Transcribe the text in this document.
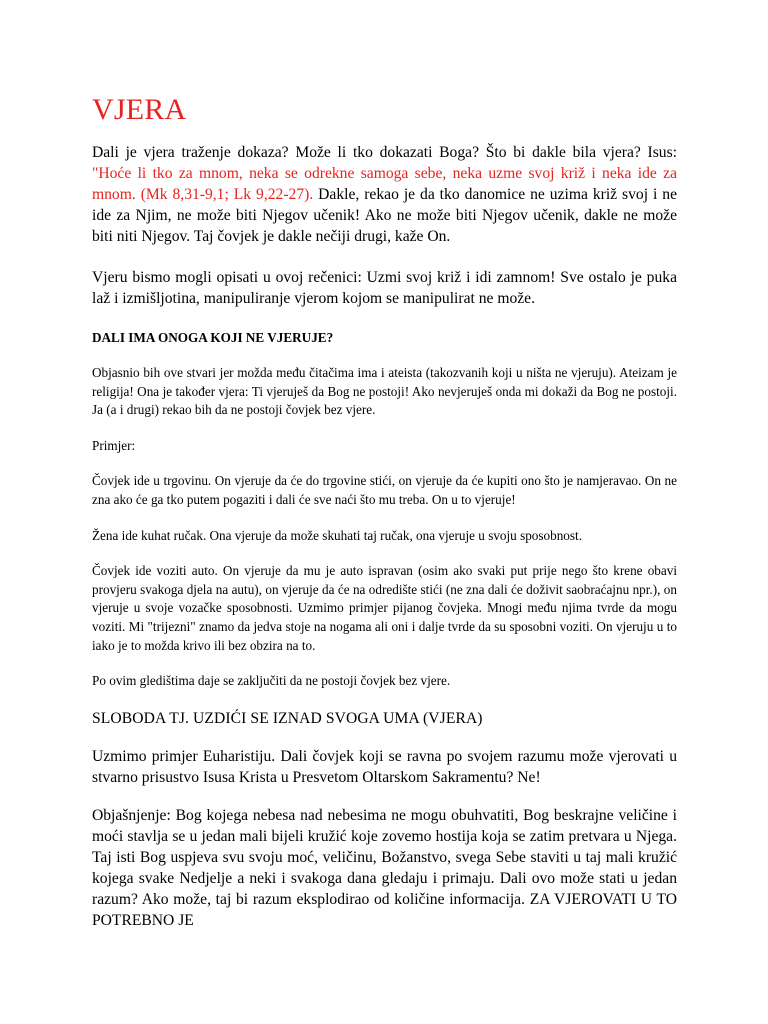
VJERA

Dali je vjera traženje dokaza? Može li tko dokazati Boga? Što bi dakle bila vjera? Isus: "Hoće li tko za mnom, neka se odrekne samoga sebe, neka uzme svoj križ i neka ide za mnom. (Mk 8,31-9,1; Lk 9,22-27). Dakle, rekao je da tko danomice ne uzima križ svoj i ne ide za Njim, ne može biti Njegov učenik! Ako ne može biti Njegov učenik, dakle ne može biti niti Njegov. Taj čovjek je dakle nečiji drugi, kaže On.

Vjeru bismo mogli opisati u ovoj rečenici: Uzmi svoj križ i idi zamnom! Sve ostalo je puka laž i izmišljotina, manipuliranje vjerom kojom se manipulirat ne može.

DALI IMA ONOGA KOJI NE VJERUJE?

Objasnio bih ove stvari jer možda među čitačima ima i ateista (takozvanih koji u ništa ne vjeruju). Ateizam je religija! Ona je također vjera: Ti vjeruješ da Bog ne postoji! Ako nevjeruješ onda mi dokaži da Bog ne postoji. Ja (a i drugi) rekao bih da ne postoji čovjek bez vjere.

Primjer:

Čovjek ide u trgovinu. On vjeruje da će do trgovine stići, on vjeruje da će kupiti ono što je namjeravao. On ne zna ako će ga tko putem pogaziti i dali će sve naći što mu treba. On u to vjeruje!

Žena ide kuhat ručak. Ona vjeruje da može skuhati taj ručak, ona vjeruje u svoju sposobnost.

Čovjek ide voziti auto. On vjeruje da mu je auto ispravan (osim ako svaki put prije nego što krene obavi provjeru svakoga djela na autu), on vjeruje da će na odredište stići (ne zna dali će doživit saobraćajnu npr.), on vjeruje u svoje vozačke sposobnosti. Uzmimo primjer pijanog čovjeka. Mnogi među njima tvrde da mogu voziti. Mi "trijezni" znamo da jedva stoje na nogama ali oni i dalje tvrde da su sposobni voziti. On vjeruju u to iako je to možda krivo ili bez obzira na to.

Po ovim gledištima daje se zaključiti da ne postoji čovjek bez vjere.

SLOBODA TJ. UZDIĆI SE IZNAD SVOGA UMA (VJERA)

Uzmimo primjer Euharistiju. Dali čovjek koji se ravna po svojem razumu može vjerovati u stvarno prisustvo Isusa Krista u Presvetom Oltarskom Sakramentu? Ne!

Objašnjenje: Bog kojega nebesa nad nebesima ne mogu obuhvatiti, Bog beskrajne veličine i moći stavlja se u jedan mali bijeli kružić koje zovemo hostija koja se zatim pretvara u Njega. Taj isti Bog uspjeva svu svoju moć, veličinu, Božanstvo, svega Sebe staviti u taj mali kružić kojega svake Nedjelje a neki i svakoga dana gledaju i primaju. Dali ovo može stati u jedan razum? Ako može, taj bi razum eksplodirao od količine informacija. ZA VJEROVATI U TO POTREBNO JE
